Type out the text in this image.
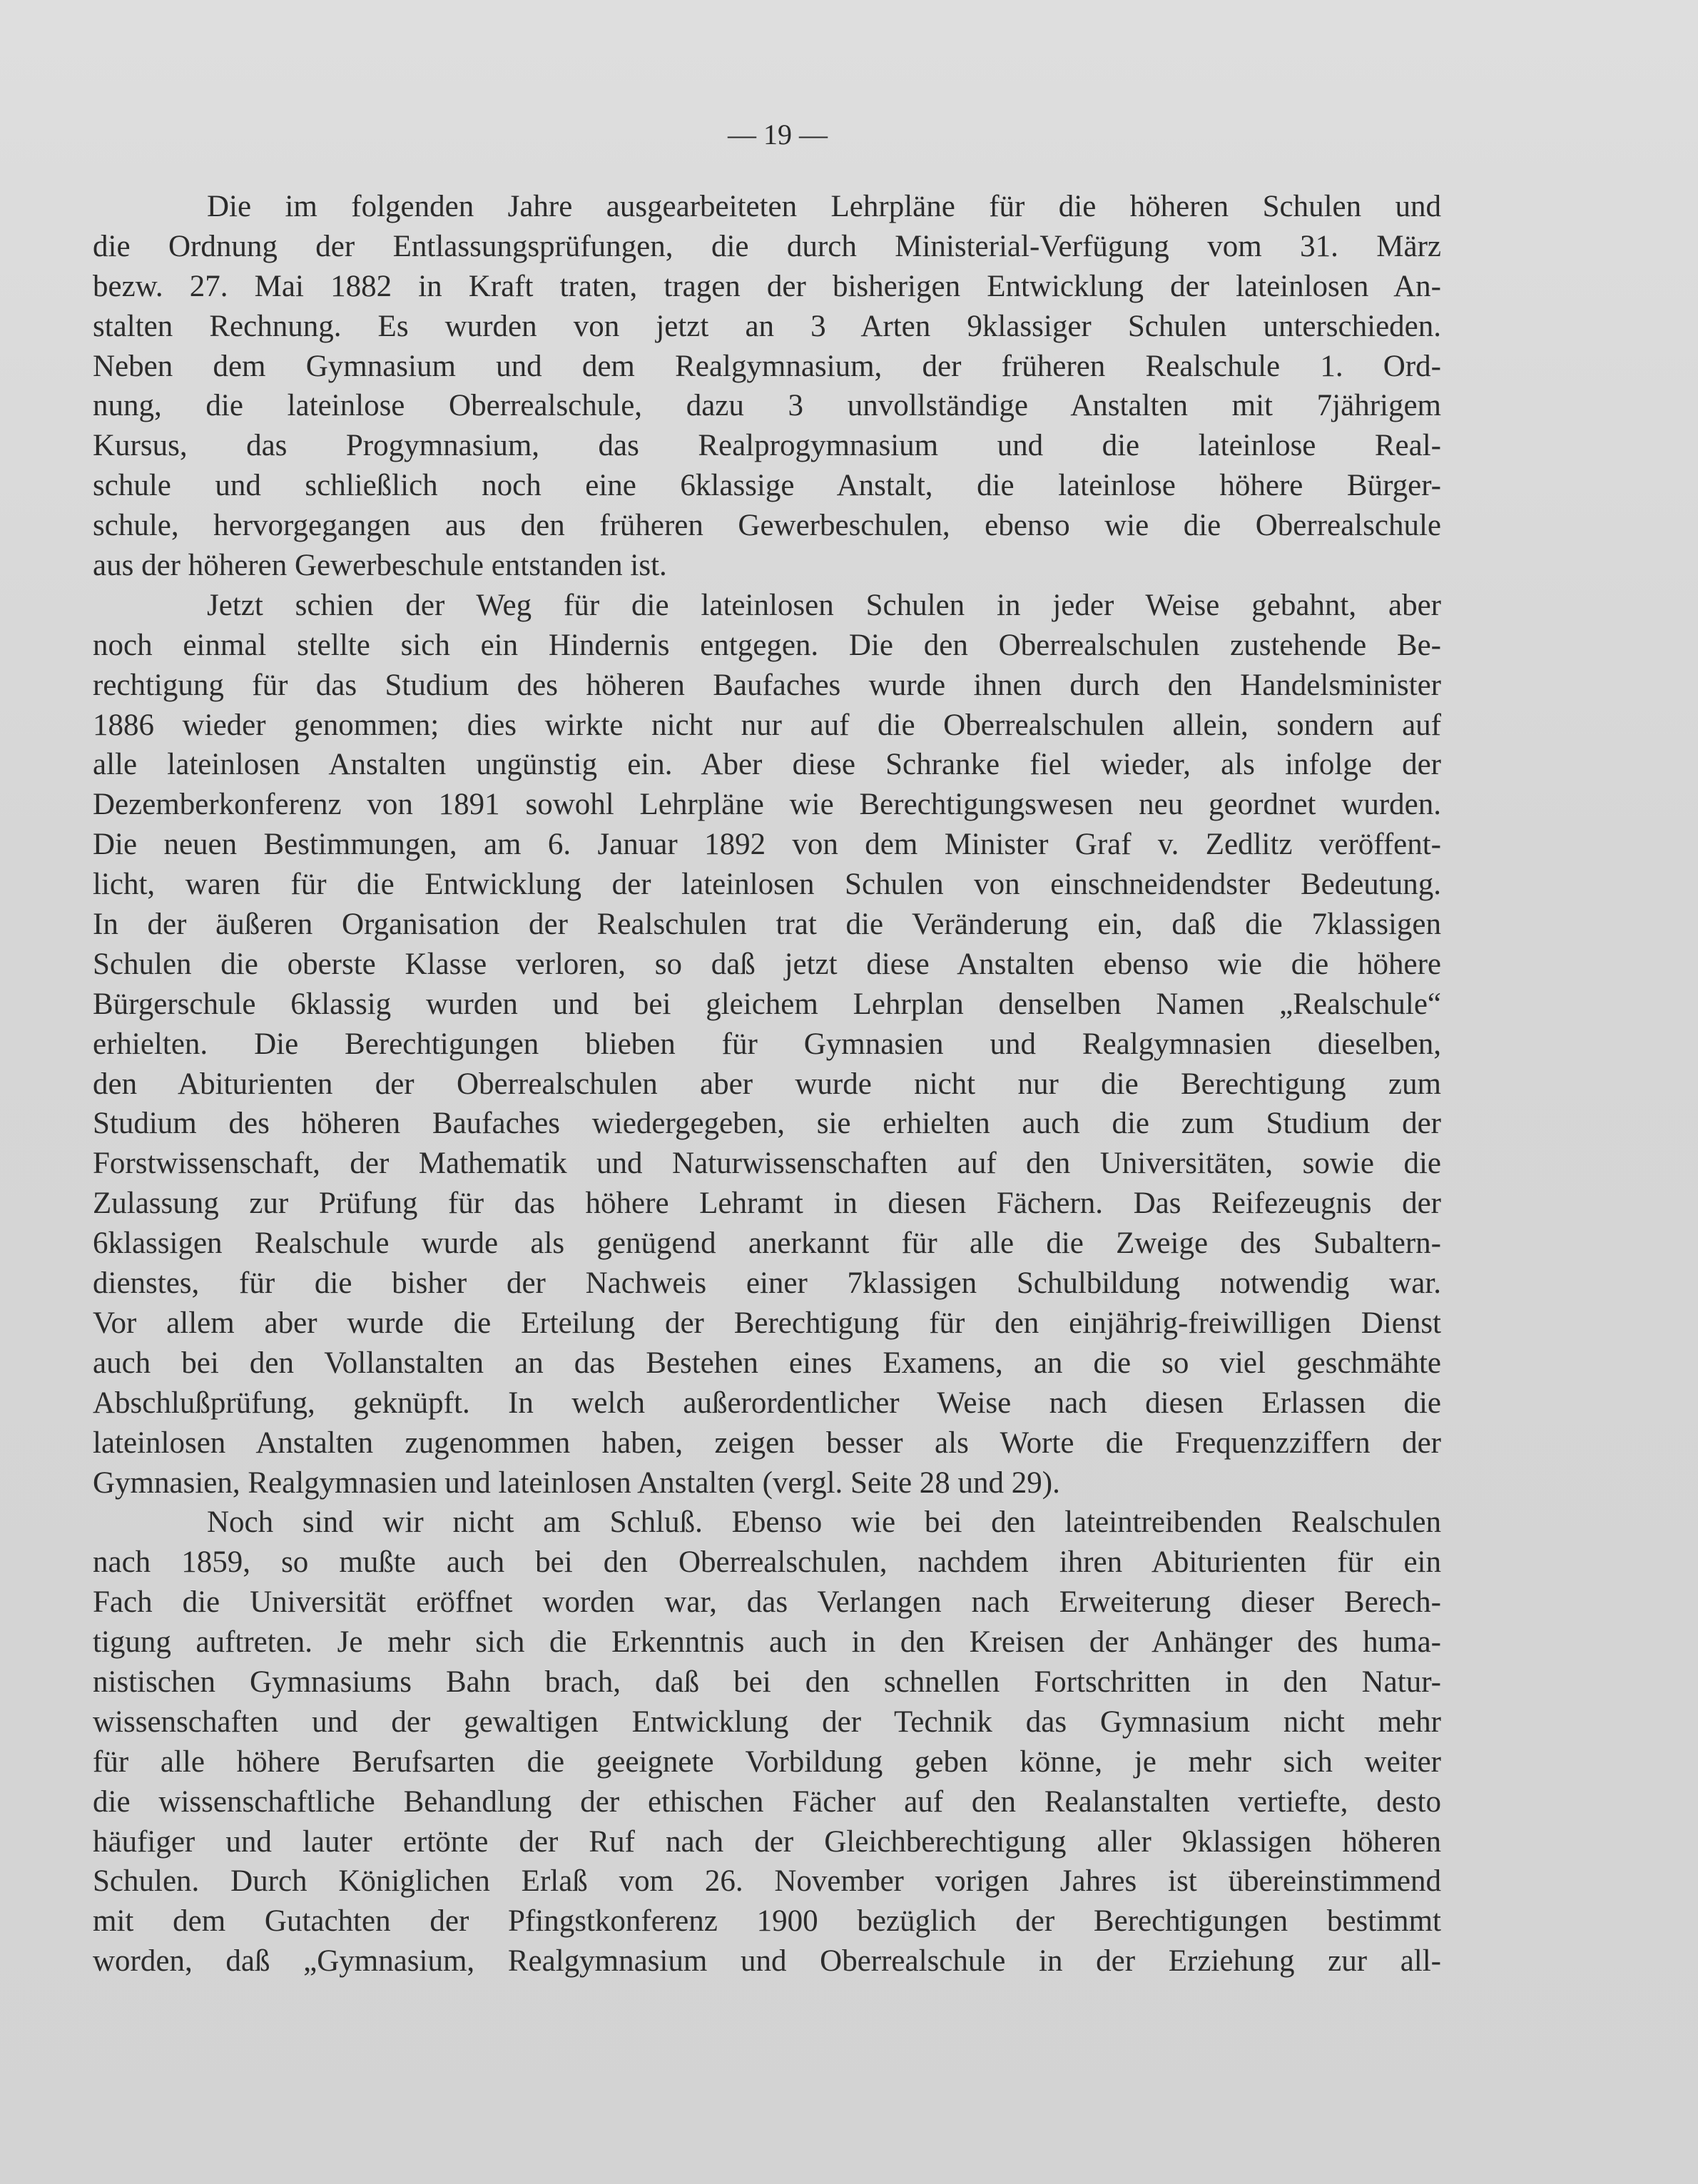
— 19 —
Die im folgenden Jahre ausgearbeiteten Lehrpläne für die höheren Schulen und
die Ordnung der Entlassungsprüfungen, die durch Ministerial-Verfügung vom 31. März
bezw. 27. Mai 1882 in Kraft traten, tragen der bisherigen Entwicklung der lateinlosen An-
stalten Rechnung. Es wurden von jetzt an 3 Arten 9klassiger Schulen unterschieden.
Neben dem Gymnasium und dem Realgymnasium, der früheren Realschule 1. Ord-
nung, die lateinlose Oberrealschule, dazu 3 unvollständige Anstalten mit 7jährigem
Kursus, das Progymnasium, das Realprogymnasium und die lateinlose Real-
schule und schließlich noch eine 6klassige Anstalt, die lateinlose höhere Bürger-
schule, hervorgegangen aus den früheren Gewerbeschulen, ebenso wie die Oberrealschule
aus der höheren Gewerbeschule entstanden ist.
Jetzt schien der Weg für die lateinlosen Schulen in jeder Weise gebahnt, aber
noch einmal stellte sich ein Hindernis entgegen. Die den Oberrealschulen zustehende Be-
rechtigung für das Studium des höheren Baufaches wurde ihnen durch den Handelsminister
1886 wieder genommen; dies wirkte nicht nur auf die Oberrealschulen allein, sondern auf
alle lateinlosen Anstalten ungünstig ein. Aber diese Schranke fiel wieder, als infolge der
Dezemberkonferenz von 1891 sowohl Lehrpläne wie Berechtigungswesen neu geordnet wurden.
Die neuen Bestimmungen, am 6. Januar 1892 von dem Minister Graf v. Zedlitz veröffent-
licht, waren für die Entwicklung der lateinlosen Schulen von einschneidendster Bedeutung.
In der äußeren Organisation der Realschulen trat die Veränderung ein, daß die 7klassigen
Schulen die oberste Klasse verloren, so daß jetzt diese Anstalten ebenso wie die höhere
Bürgerschule 6klassig wurden und bei gleichem Lehrplan denselben Namen „Realschule“
erhielten. Die Berechtigungen blieben für Gymnasien und Realgymnasien dieselben,
den Abiturienten der Oberrealschulen aber wurde nicht nur die Berechtigung zum
Studium des höheren Baufaches wiedergegeben, sie erhielten auch die zum Studium der
Forstwissenschaft, der Mathematik und Naturwissenschaften auf den Universitäten, sowie die
Zulassung zur Prüfung für das höhere Lehramt in diesen Fächern. Das Reifezeugnis der
6klassigen Realschule wurde als genügend anerkannt für alle die Zweige des Subaltern-
dienstes, für die bisher der Nachweis einer 7klassigen Schulbildung notwendig war.
Vor allem aber wurde die Erteilung der Berechtigung für den einjährig-freiwilligen Dienst
auch bei den Vollanstalten an das Bestehen eines Examens, an die so viel geschmähte
Abschlußprüfung, geknüpft. In welch außerordentlicher Weise nach diesen Erlassen die
lateinlosen Anstalten zugenommen haben, zeigen besser als Worte die Frequenzziffern der
Gymnasien, Realgymnasien und lateinlosen Anstalten (vergl. Seite 28 und 29).
Noch sind wir nicht am Schluß. Ebenso wie bei den lateintreibenden Realschulen
nach 1859, so mußte auch bei den Oberrealschulen, nachdem ihren Abiturienten für ein
Fach die Universität eröffnet worden war, das Verlangen nach Erweiterung dieser Berech-
tigung auftreten. Je mehr sich die Erkenntnis auch in den Kreisen der Anhänger des huma-
nistischen Gymnasiums Bahn brach, daß bei den schnellen Fortschritten in den Natur-
wissenschaften und der gewaltigen Entwicklung der Technik das Gymnasium nicht mehr
für alle höhere Berufsarten die geeignete Vorbildung geben könne, je mehr sich weiter
die wissenschaftliche Behandlung der ethischen Fächer auf den Realanstalten vertiefte, desto
häufiger und lauter ertönte der Ruf nach der Gleichberechtigung aller 9klassigen höheren
Schulen. Durch Königlichen Erlaß vom 26. November vorigen Jahres ist übereinstimmend
mit dem Gutachten der Pfingstkonferenz 1900 bezüglich der Berechtigungen bestimmt
worden, daß „Gymnasium, Realgymnasium und Oberrealschule in der Erziehung zur all-
